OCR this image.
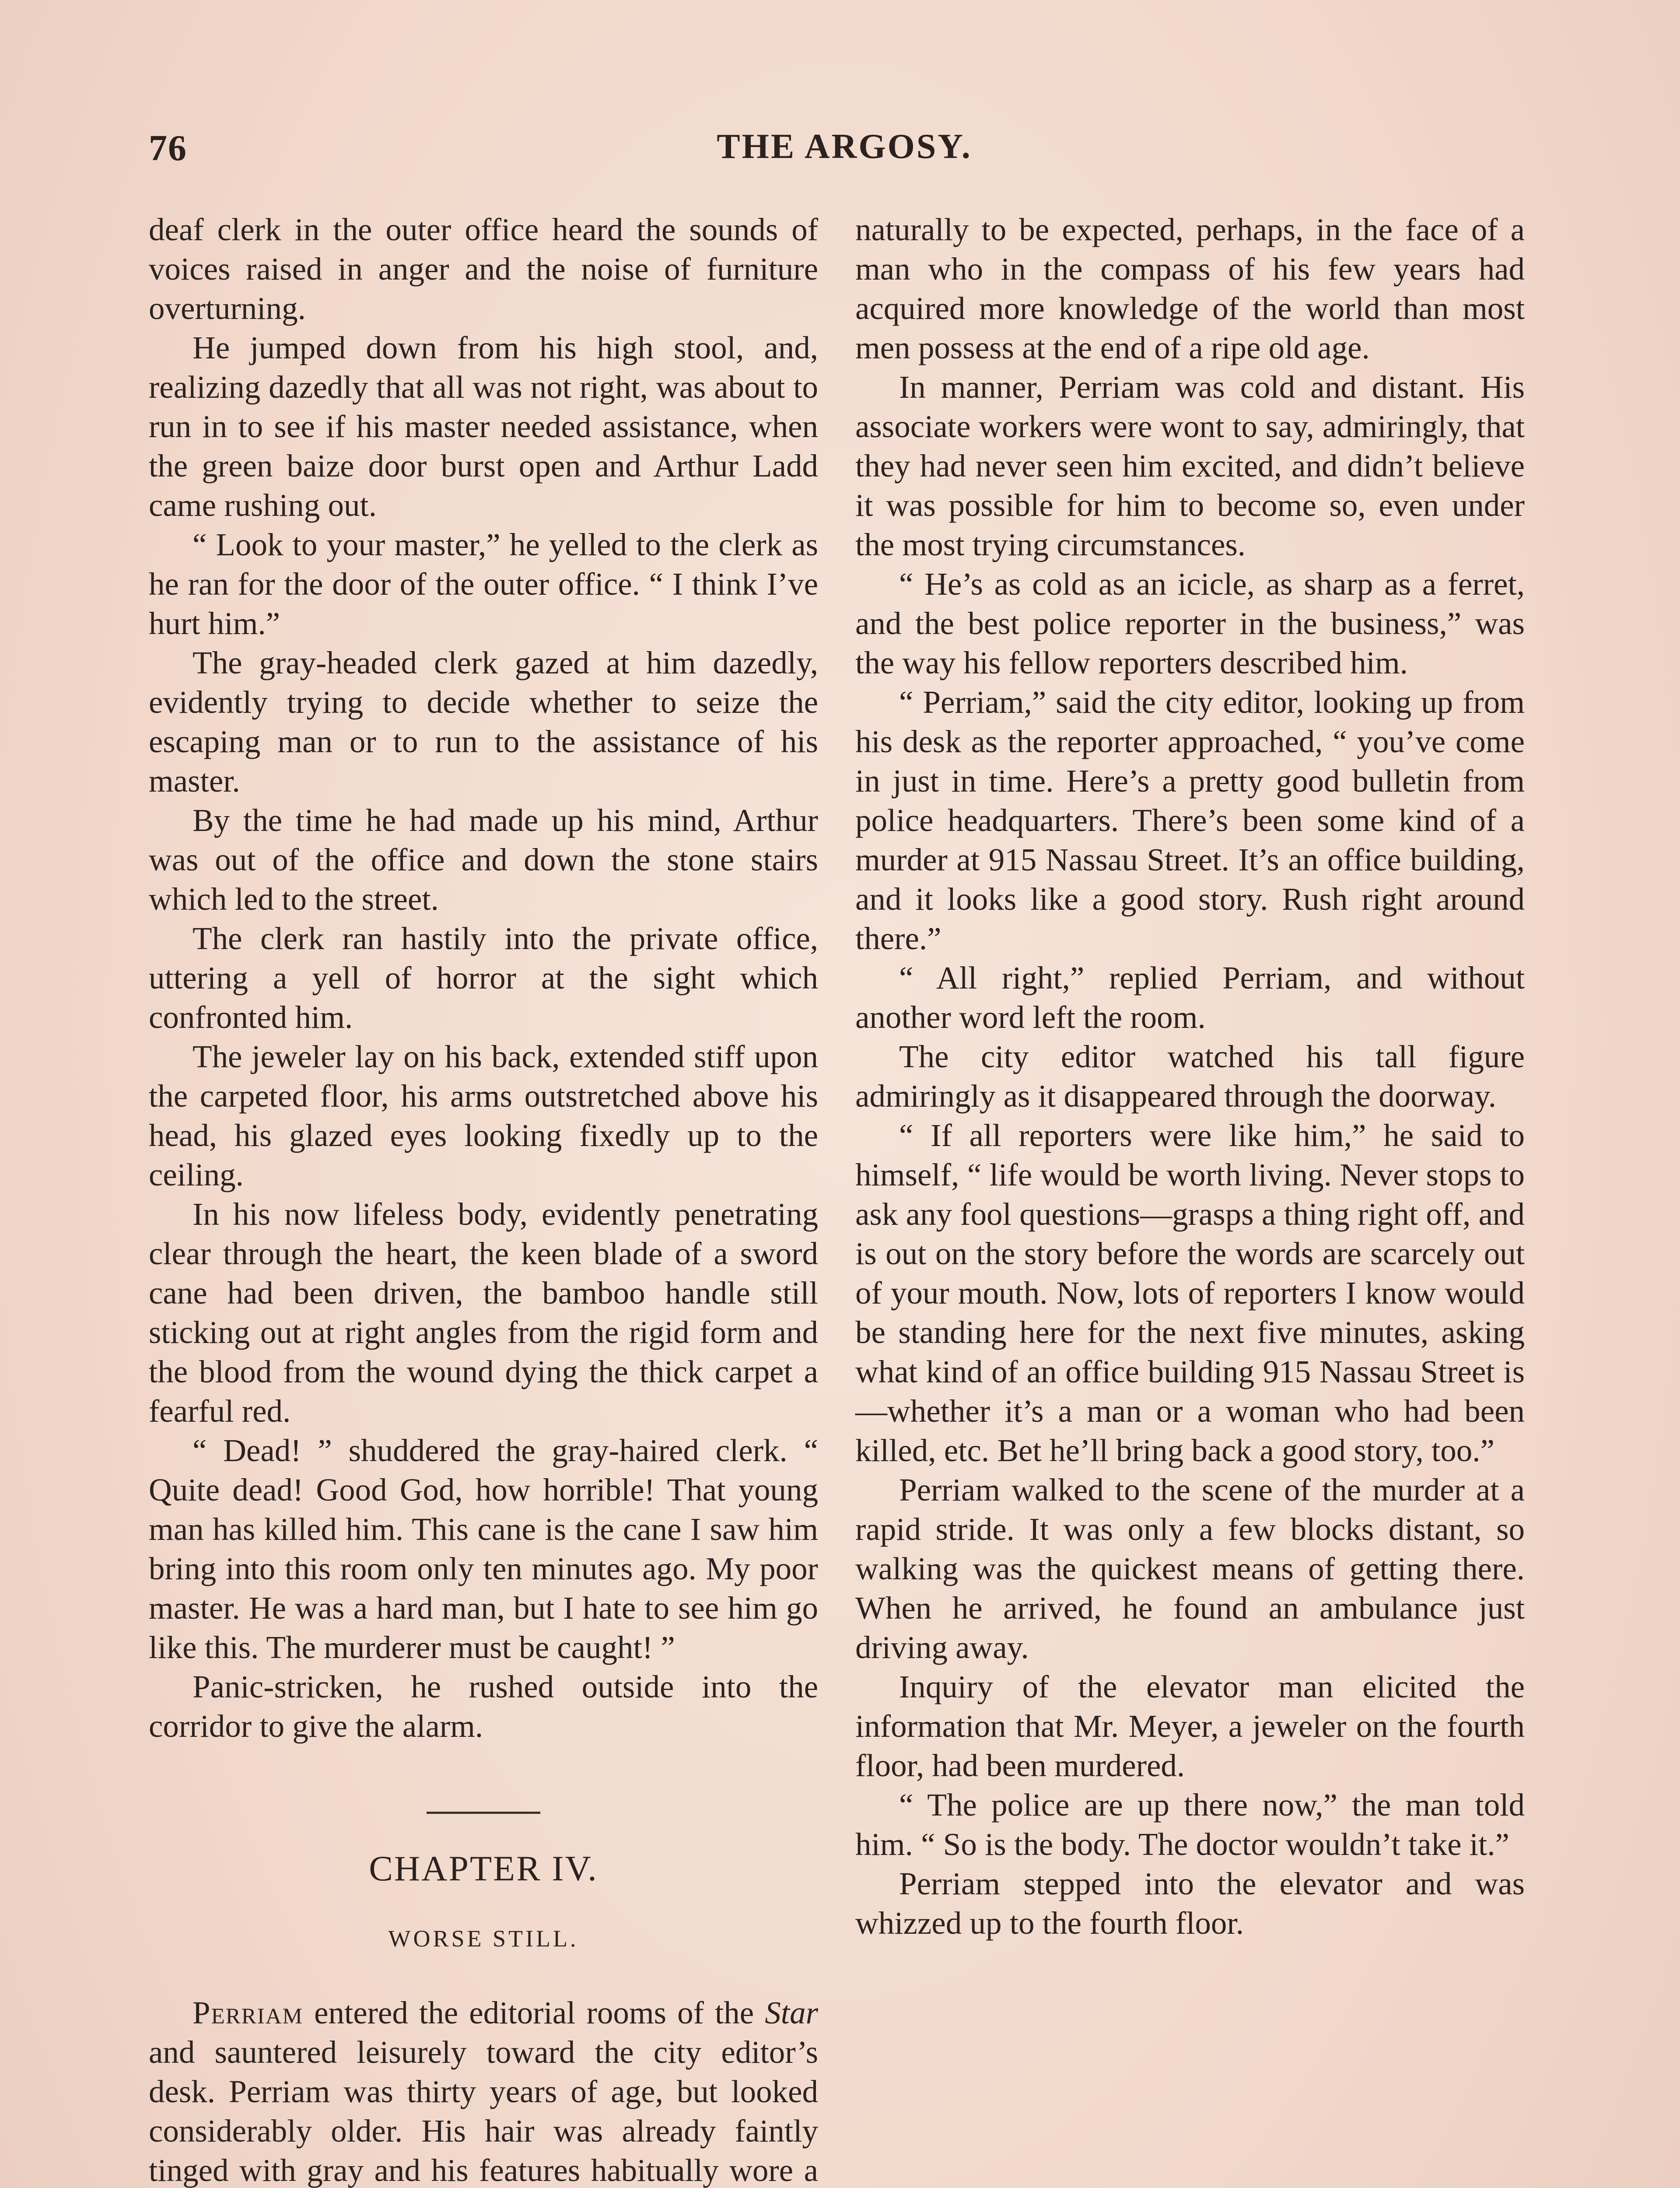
76	THE ARGOSY.

deaf clerk in the outer office heard the sounds of voices raised in anger and the noise of furniture overturning.

He jumped down from his high stool, and, realizing dazedly that all was not right, was about to run in to see if his master needed assistance, when the green baize door burst open and Arthur Ladd came rushing out.

“ Look to your master,” he yelled to the clerk as he ran for the door of the outer office. “ I think I’ve hurt him.”

The gray-headed clerk gazed at him dazedly, evidently trying to decide whether to seize the escaping man or to run to the assistance of his master.

By the time he had made up his mind, Arthur was out of the office and down the stone stairs which led to the street.

The clerk ran hastily into the private office, uttering a yell of horror at the sight which confronted him.

The jeweler lay on his back, extended stiff upon the carpeted floor, his arms outstretched above his head, his glazed eyes looking fixedly up to the ceiling.

In his now lifeless body, evidently penetrating clear through the heart, the keen blade of a sword cane had been driven, the bamboo handle still sticking out at right angles from the rigid form and the blood from the wound dying the thick carpet a fearful red.

“ Dead! ” shuddered the gray-haired clerk. “ Quite dead! Good God, how horrible! That young man has killed him. This cane is the cane I saw him bring into this room only ten minutes ago. My poor master. He was a hard man, but I hate to see him go like this. The murderer must be caught! ”

Panic-stricken, he rushed outside into the corridor to give the alarm.

CHAPTER IV.
WORSE STILL.

Perriam entered the editorial rooms of the Star and sauntered leisurely toward the city editor’s desk. Perriam was thirty years of age, but looked considerably older. His hair was already faintly tinged with gray and his features habitually wore a

naturally to be expected, perhaps, in the face of a man who in the compass of his few years had acquired more knowledge of the world than most men possess at the end of a ripe old age.

In manner, Perriam was cold and distant. His associate workers were wont to say, admiringly, that they had never seen him excited, and didn’t believe it was possible for him to become so, even under the most trying circumstances.

“ He’s as cold as an icicle, as sharp as a ferret, and the best police reporter in the business,” was the way his fellow reporters described him.

“ Perriam,” said the city editor, looking up from his desk as the reporter approached, “ you’ve come in just in time. Here’s a pretty good bulletin from police headquarters. There’s been some kind of a murder at 915 Nassau Street. It’s an office building, and it looks like a good story. Rush right around there.”

“ All right,” replied Perriam, and without another word left the room.

The city editor watched his tall figure admiringly as it disappeared through the doorway.

“ If all reporters were like him,” he said to himself, “ life would be worth living. Never stops to ask any fool questions—grasps a thing right off, and is out on the story before the words are scarcely out of your mouth. Now, lots of reporters I know would be standing here for the next five minutes, asking what kind of an office building 915 Nassau Street is—whether it’s a man or a woman who had been killed, etc. Bet he’ll bring back a good story, too.”

Perriam walked to the scene of the murder at a rapid stride. It was only a few blocks distant, so walking was the quickest means of getting there. When he arrived, he found an ambulance just driving away.

Inquiry of the elevator man elicited the information that Mr. Meyer, a jeweler on the fourth floor, had been murdered.

“ The police are up there now,” the man told him. “ So is the body. The doctor wouldn’t take it.”

Perriam stepped into the elevator and was whizzed up to the fourth floor.
